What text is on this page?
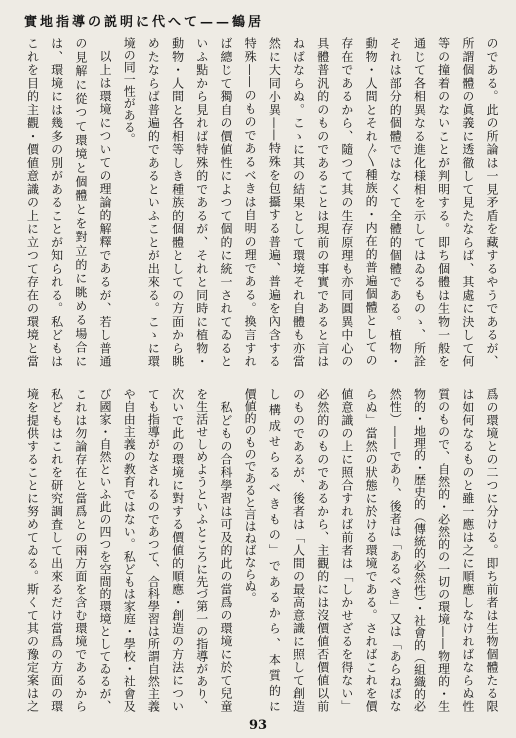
實地指導の説明に代へて——鶴居
のである。此の所論は一見矛盾を藏するやうであるが、
所謂個體の眞義に透徹して見たならば、其處に決して何
等の撞着のないことが判明する。即ち個體は生物一般を
通じて各相異なる進化様相を示してはゐるものゝ、所詮
それは部分的個體ではなくて全體的個體である。植物・
動物・人間とそれ〴〵種族的・内在的普遍個體としての
存在であるから、隨つて其の生存原理も亦同圓異中心の
具體普汎的のものであることは現前の事實であると言は
ねばならぬ。こゝに其の結果として環境それ自體も亦當
然に大同小異——特殊を包攝する普遍、普遍を內含する
特殊——のものであるべきは自明の理である。換言すれ
ば總じて獨自の價値性によつて個的に統一されてゐると
いふ點から見れば特殊的であるが、それと同時に植物・
動物・人間と各相等しき種族的個體としての方面から眺
めたならば普遍的であるといふことが出來る。こゝに環
境の同一性がある。
以上は環境についての理論的解釋であるが、若し普通
の見解に從つて環境と個體とを對立的に眺める場合に
は、環境には幾多の別があることが知られる。私どもは
これを目的主觀・價値意識の上に立つて存在の環境と當
爲の環境との二つに分ける。即ち前者は生物個體たる限
は如何なるものと雖一應は之に順應しなければならぬ性
質のもので、自然的・必然的の一切の環境——物理的・生
物的・地理的・歴史的（傳統的必然性）・社會的（組織的必
然性）——であり、後者は「あるべき」又は「あらねばな
らぬ」當然の狀態に於ける環境である。さればこれを價
値意識の上に照合すれば前者は「しかせざるを得ない」
必然的のものであるから、主觀的には沒價値否價値以前
のものであるが、後者は「人間の最高意識に照して創造
し構成せらるべきもの」であるから、本質的に
價値的のものであると言はねばならぬ。
私どもの合科學習は可及的此の當爲の環境に於て兒童
を生活せしめようといふところに先づ第一の指導があり、
次いで此の環境に對する價値的順應・創造の方法につい
ても指導がなされるのであつて、合科學習は所謂自然主義
や自由主義の教育ではない。私どもは家庭・學校・社會及
び國家・自然といふ此の四つを空間的環境としてゐるが、
これは勿論存在と當爲との兩方面を含む環境であるから
私どもはこれを研究調査して出來るだけ當爲の方面の環
境を提供することに努めてゐる。斯くて其の豫定案は之
93
